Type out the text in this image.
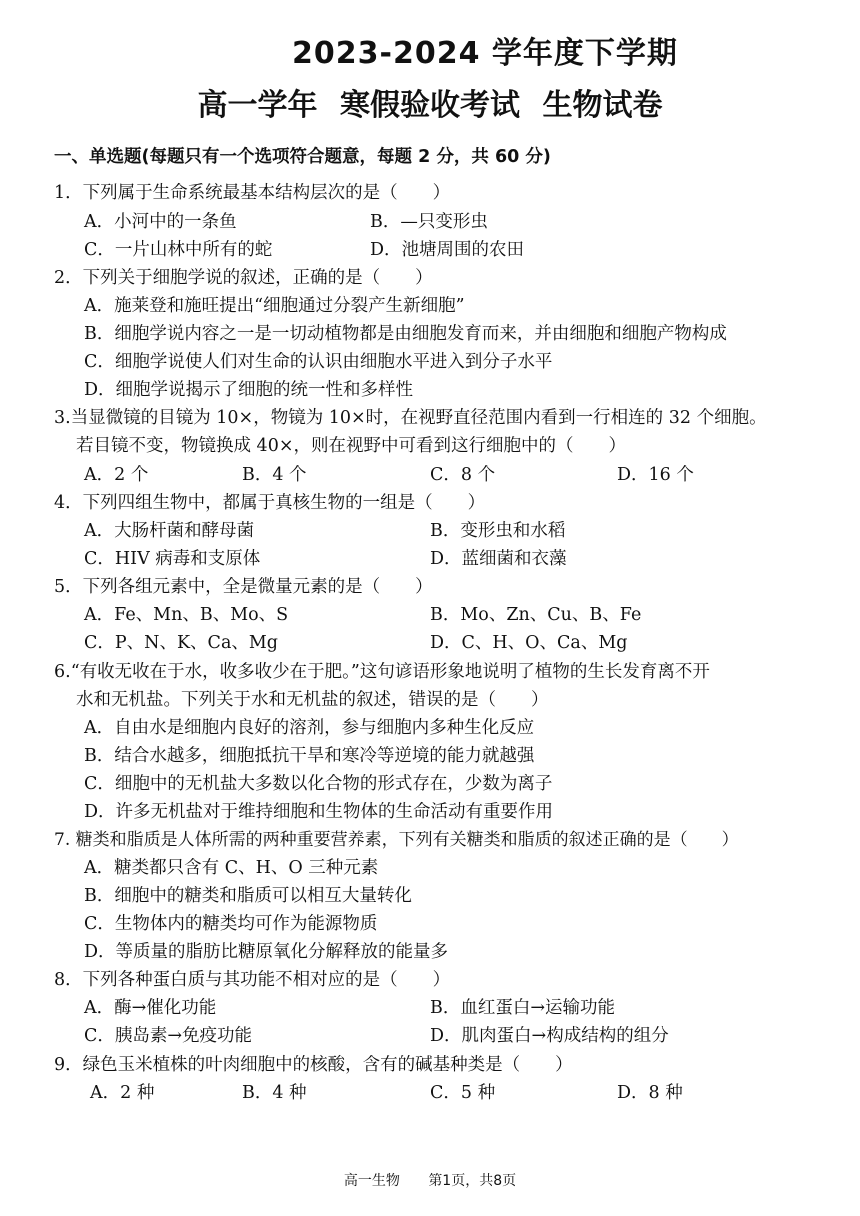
2023-2024 学年度下学期
高一学年 寒假验收考试 生物试卷
一、单选题(每题只有一个选项符合题意，每题 2 分，共 60 分)
1．下列属于生命系统最基本结构层次的是（　　）
A．小河中的一条鱼	B．—只变形虫
C．一片山林中所有的蛇	D．池塘周围的农田
2．下列关于细胞学说的叙述，正确的是（　　）
A．施莱登和施旺提出“细胞通过分裂产生新细胞”
B．细胞学说内容之一是一切动植物都是由细胞发育而来，并由细胞和细胞产物构成
C．细胞学说使人们对生命的认识由细胞水平进入到分子水平
D．细胞学说揭示了细胞的统一性和多样性
3.当显微镜的目镜为 10×，物镜为 10×时，在视野直径范围内看到一行相连的 32 个细胞。
若目镜不变，物镜换成 40×，则在视野中可看到这行细胞中的（　　）
A．2 个	B．4 个	C．8 个	D．16 个
4．下列四组生物中，都属于真核生物的一组是（　　）
A．大肠杆菌和酵母菌	B．变形虫和水稻
C．HIV 病毒和支原体	D．蓝细菌和衣藻
5．下列各组元素中，全是微量元素的是（　　）
A．Fe、Mn、B、Mo、S	B．Mo、Zn、Cu、B、Fe
C．P、N、K、Ca、Mg	D．C、H、O、Ca、Mg
6.“有收无收在于水，收多收少在于肥。”这句谚语形象地说明了植物的生长发育离不开
水和无机盐。下列关于水和无机盐的叙述，错误的是（　　）
A．自由水是细胞内良好的溶剂，参与细胞内多种生化反应
B．结合水越多，细胞抵抗干旱和寒冷等逆境的能力就越强
C．细胞中的无机盐大多数以化合物的形式存在，少数为离子
D．许多无机盐对于维持细胞和生物体的生命活动有重要作用
7. 糖类和脂质是人体所需的两种重要营养素，下列有关糖类和脂质的叙述正确的是（　　）
A．糖类都只含有 C、H、O 三种元素
B．细胞中的糖类和脂质可以相互大量转化
C．生物体内的糖类均可作为能源物质
D．等质量的脂肪比糖原氧化分解释放的能量多
8．下列各种蛋白质与其功能不相对应的是（　　）
A．酶→催化功能	B．血红蛋白→运输功能
C．胰岛素→免疫功能	D．肌肉蛋白→构成结构的组分
9．绿色玉米植株的叶肉细胞中的核酸，含有的碱基种类是（　　）
A．2 种	B．4 种	C．5 种	D．8 种
高一生物 第1页，共8页
